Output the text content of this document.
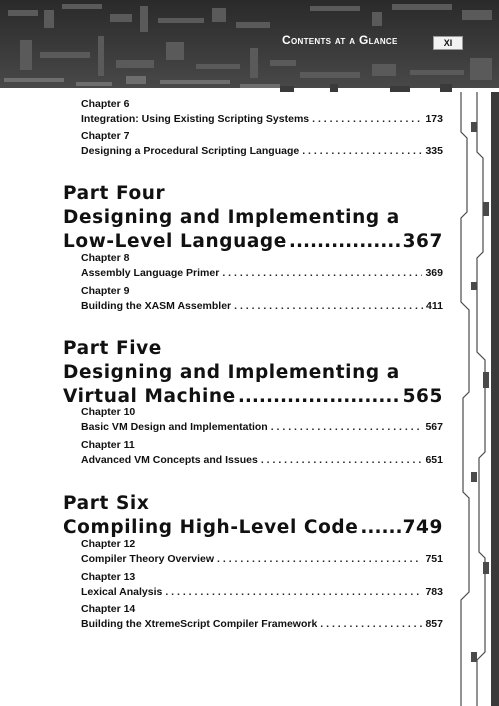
Contents at a Glance	XI
Chapter 6
Integration: Using Existing Scripting Systems . . .	173
Chapter 7
Designing a Procedural Scripting Language . . .	335
Part Four
Designing and Implementing a
Low-Level Language .....	367
Chapter 8
Assembly Language Primer . . .	369
Chapter 9
Building the XASM Assembler . . .	411
Part Five
Designing and Implementing a
Virtual Machine .....	565
Chapter 10
Basic VM Design and Implementation . . .	567
Chapter 11
Advanced VM Concepts and Issues . . .	651
Part Six
Compiling High-Level Code ..... 749
Chapter 12
Compiler Theory Overview . . .	751
Chapter 13
Lexical Analysis . . .	783
Chapter 14
Building the XtremeScript Compiler Framework . . .	857
